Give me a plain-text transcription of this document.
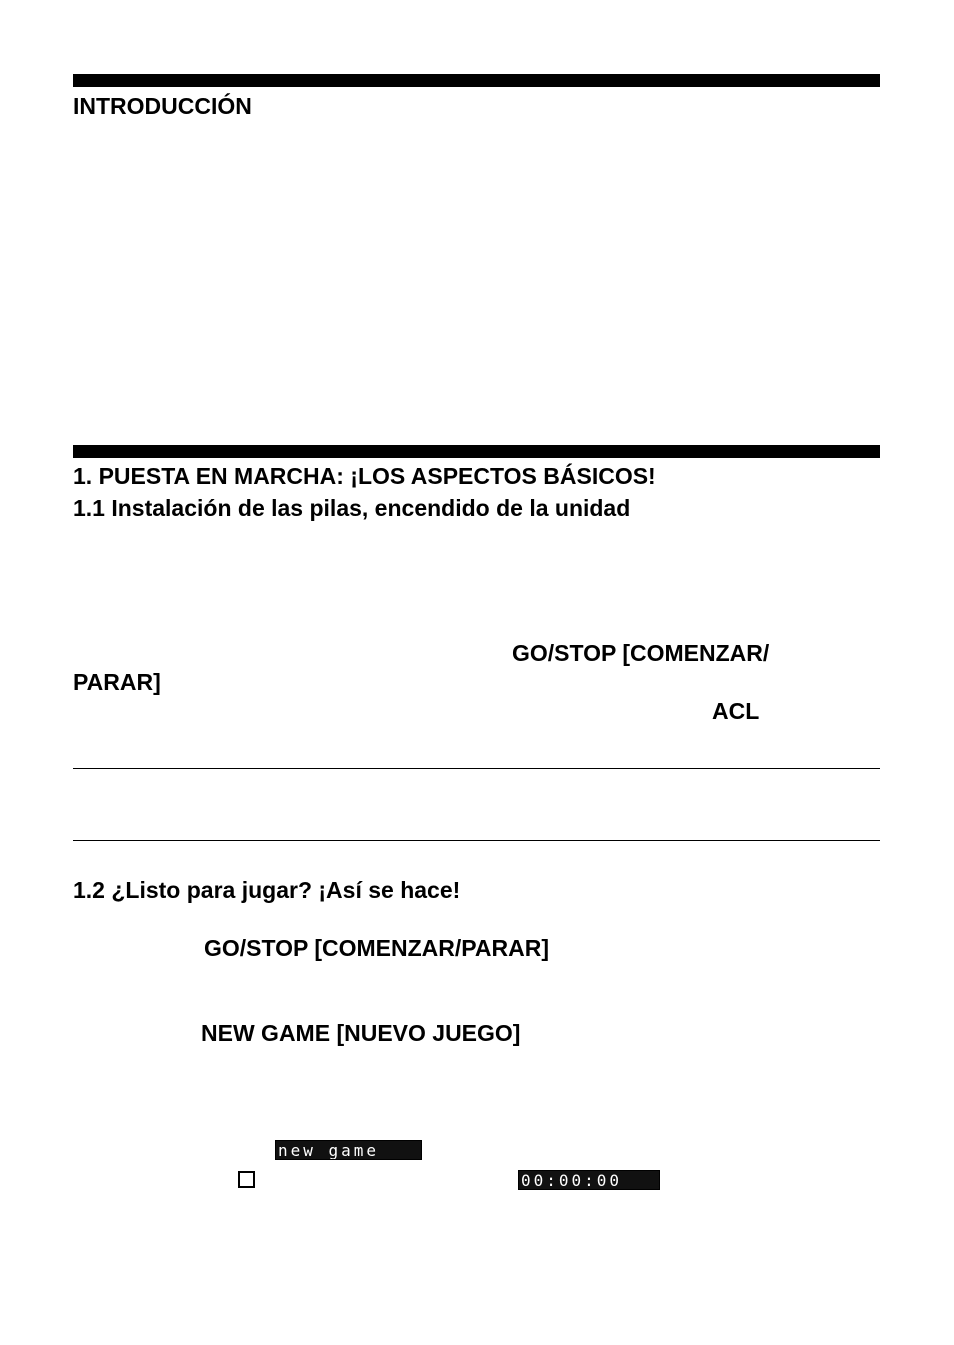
INTRODUCCIÓN
1. PUESTA EN MARCHA: ¡LOS ASPECTOS BÁSICOS!
1.1 Instalación de las pilas, encendido de la unidad
GO/STOP [COMENZAR/
PARAR]
ACL
1.2 ¿Listo para jugar? ¡Así se hace!
GO/STOP [COMENZAR/PARAR]
NEW GAME [NUEVO JUEGO]
new game
00:00:00
